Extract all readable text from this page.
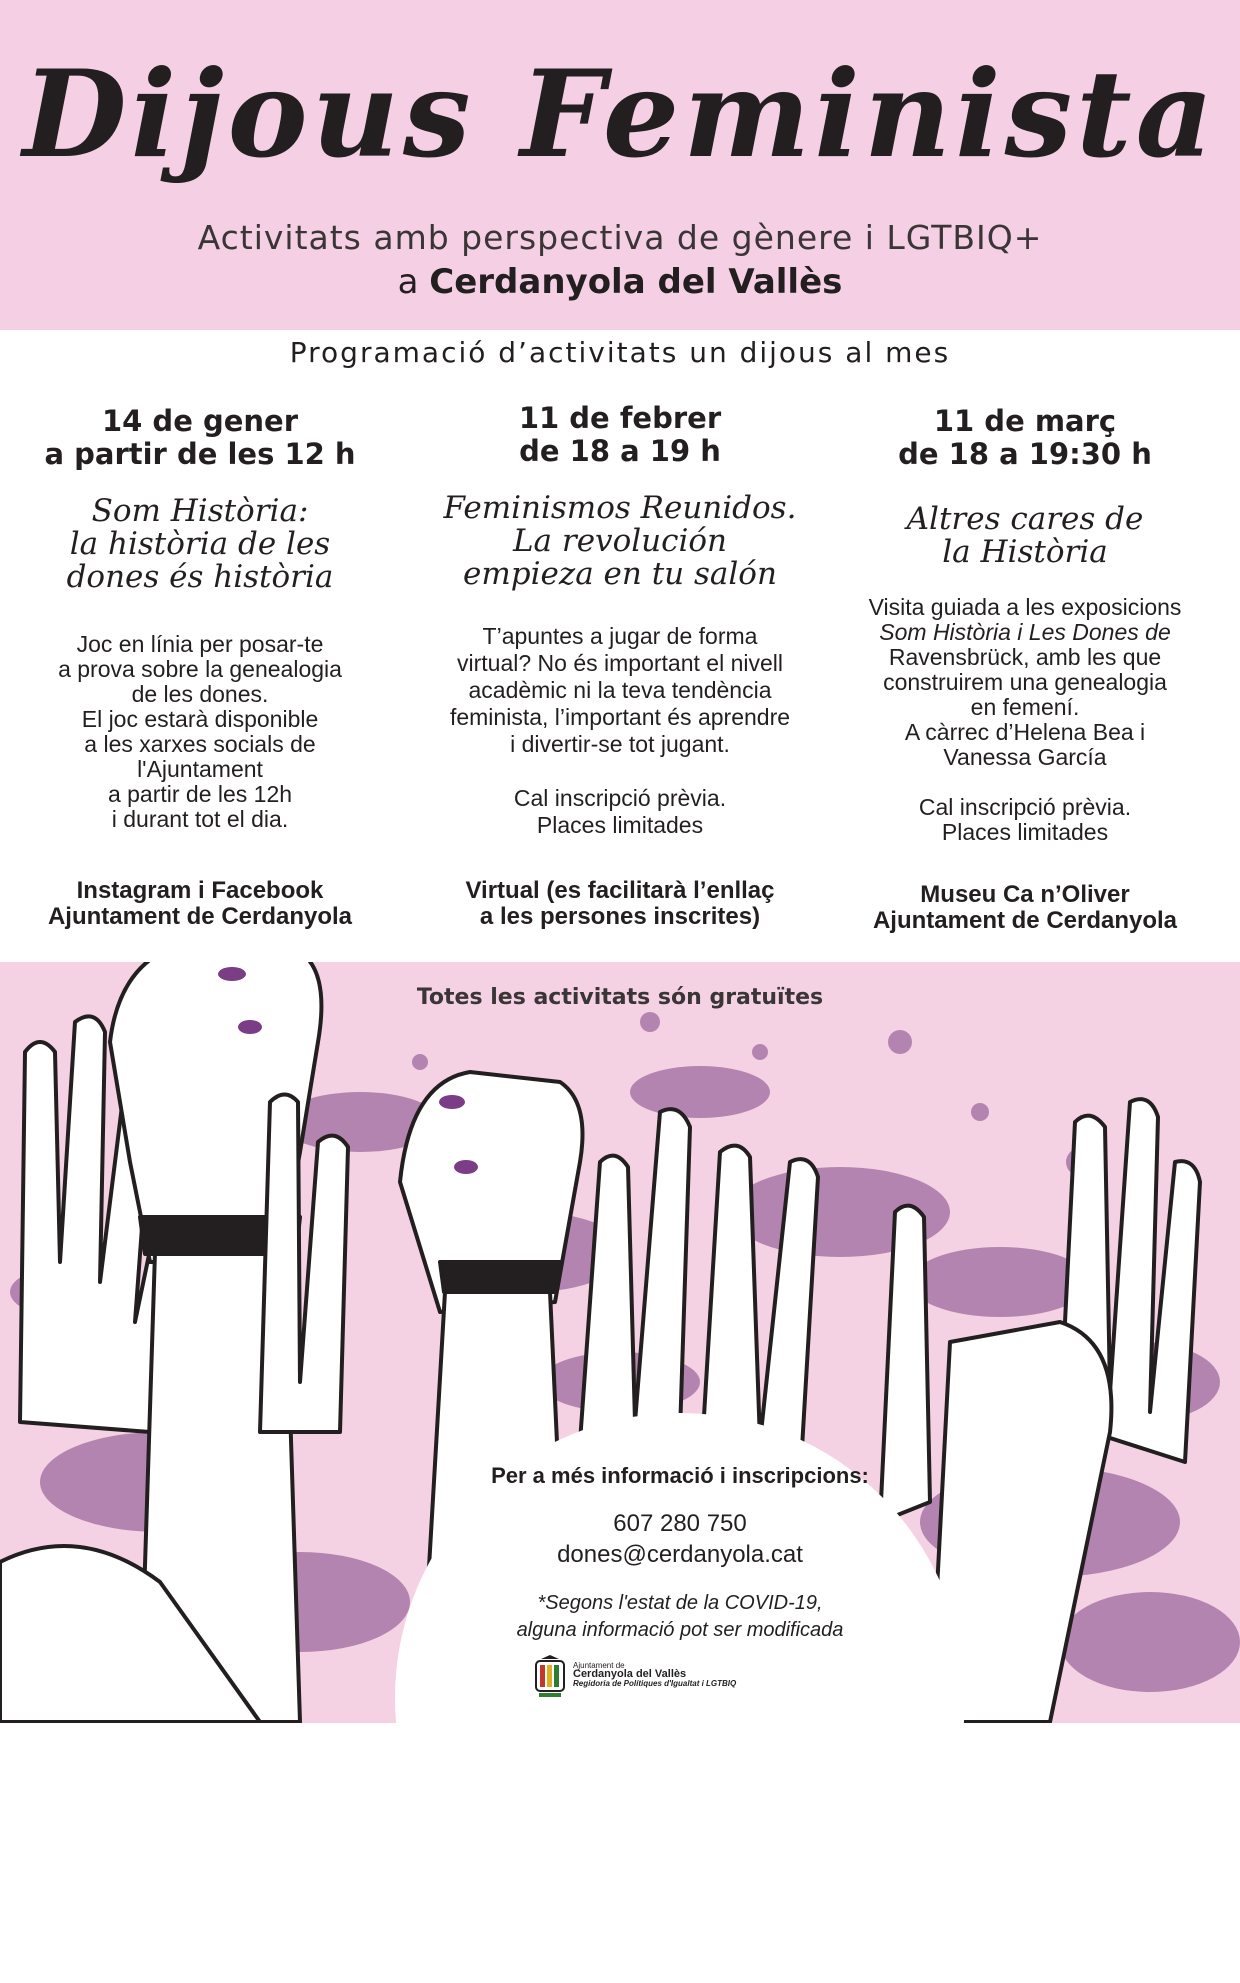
Dijous Feminista
Activitats amb perspectiva de gènere i LGTBIQ+
a Cerdanyola del Vallès
Programació d’activitats un dijous al mes
14 de gener
a partir de les 12 h
Som Història:
la història de les
dones és història
Joc en línia per posar-te
a prova sobre la genealogia
de les dones.
El joc estarà disponible
a les xarxes socials de
l'Ajuntament
a partir de les 12h
i durant tot el dia.
Instagram i Facebook
Ajuntament de Cerdanyola
11 de febrer
de 18 a 19 h
Feminismos Reunidos.
La revolución
empieza en tu salón
T’apuntes a jugar de forma
virtual? No és important el nivell
acadèmic ni la teva tendència
feminista, l’important és aprendre
i divertir-se tot jugant.
Cal inscripció prèvia.
Places limitades
Virtual (es facilitarà l’enllaç
a les persones inscrites)
11 de març
de 18 a 19:30 h
Altres cares de
la Història
Visita guiada a les exposicions
Som Història i Les Dones de
Ravensbrück, amb les que
construirem una genealogia
en femení.
A càrrec d’Helena Bea i
Vanessa García
Cal inscripció prèvia.
Places limitades
Museu Ca n’Oliver
Ajuntament de Cerdanyola
Totes les activitats són gratuïtes
Per a més informació i inscripcions:
607 280 750
dones@cerdanyola.cat
*Segons l'estat de la COVID-19,
alguna informació pot ser modificada
Ajuntament de
Cerdanyola del Vallès
Regidoria de Polítiques d'Igualtat i LGTBIQ
